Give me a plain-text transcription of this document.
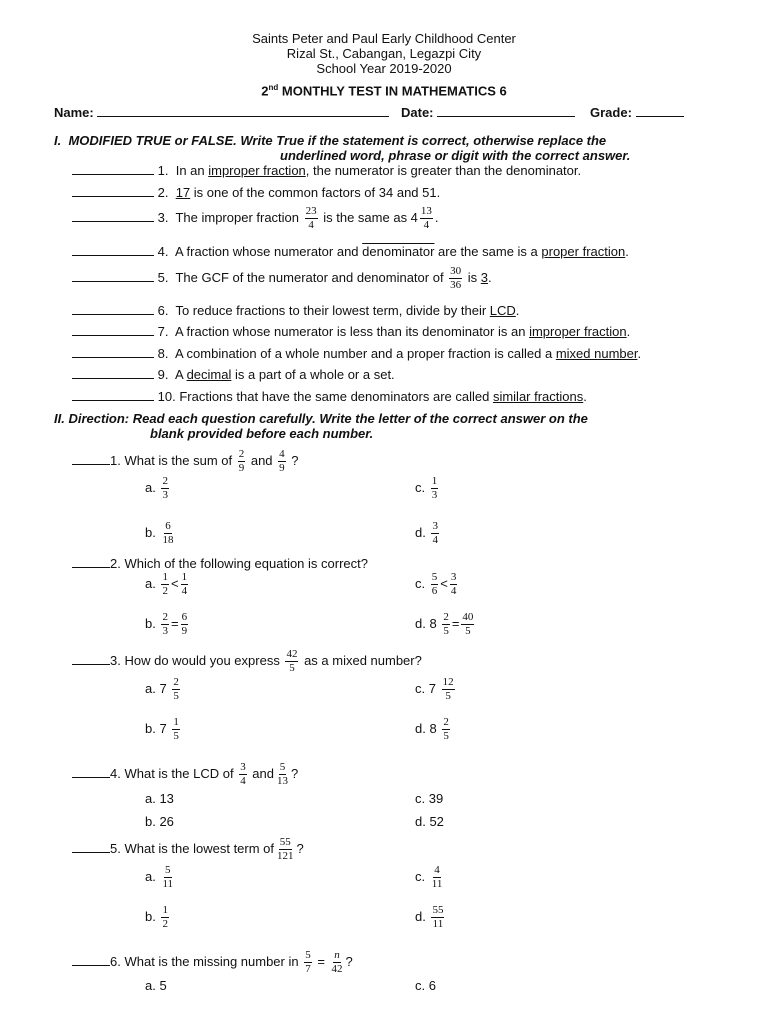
Saints Peter and Paul Early Childhood Center
Rizal St., Cabangan, Legazpi City
School Year 2019-2020
2nd MONTHLY TEST IN MATHEMATICS 6
Name:	Date:	Grade:
I. MODIFIED TRUE or FALSE. Write True if the statement is correct, otherwise replace the
underlined word, phrase or digit with the correct answer.
1. In an improper fraction, the numerator is greater than the denominator.
2. 17 is one of the common factors of 34 and 51.
3. The improper fraction $\frac{23}{4}$ is the same as $4 \frac{13}{4}$ .
4. A fraction whose numerator and denominator are the same is a proper fraction.
5. The GCF of the numerator and denominator of $\frac{30}{36}$ is 3.
6. To reduce fractions to their lowest term, divide by their LCD.
7. A fraction whose numerator is less than its denominator is an improper fraction.
8. A combination of a whole number and a proper fraction is called a mixed number.
9. A decimal is a part of a whole or a set.
10. Fractions that have the same denominators are called similar fractions.
II. Direction: Read each question carefully. Write the letter of the correct answer on the
blank provided before each number.
1. What is the sum of $\frac{2}{9}$ and $\frac{4}{9}$ ?
a. $\frac{2}{3}$
b. $\frac{6}{18}$
c. $\frac{1}{3}$
d. $\frac{3}{4}$
2. Which of the following equation is correct?
a. $\frac{1}{2} < \frac{1}{4}$
b. $\frac{2}{3} = \frac{6}{9}$
c. $\frac{5}{6} < \frac{3}{4}$
d. $8 \frac{2}{5} = \frac{40}{5}$
3. How do would you express $\frac{42}{5}$ as a mixed number?
a. $7 \frac{2}{5}$
b. $7 \frac{1}{5}$
c. $7 \frac{12}{5}$
d. $8 \frac{2}{5}$
4. What is the LCD of $\frac{3}{4}$ and $\frac{5}{13}$ ?
a. 13
b. 26
c. 39
d. 52
5. What is the lowest term of $\frac{55}{121}$ ?
a. $\frac{5}{11}$
b. $\frac{1}{2}$
c. $\frac{4}{11}$
d. $\frac{55}{11}$
6. What is the missing number in $\frac{5}{7} = \frac{n}{42}$ ?
a. 5	c. 6
